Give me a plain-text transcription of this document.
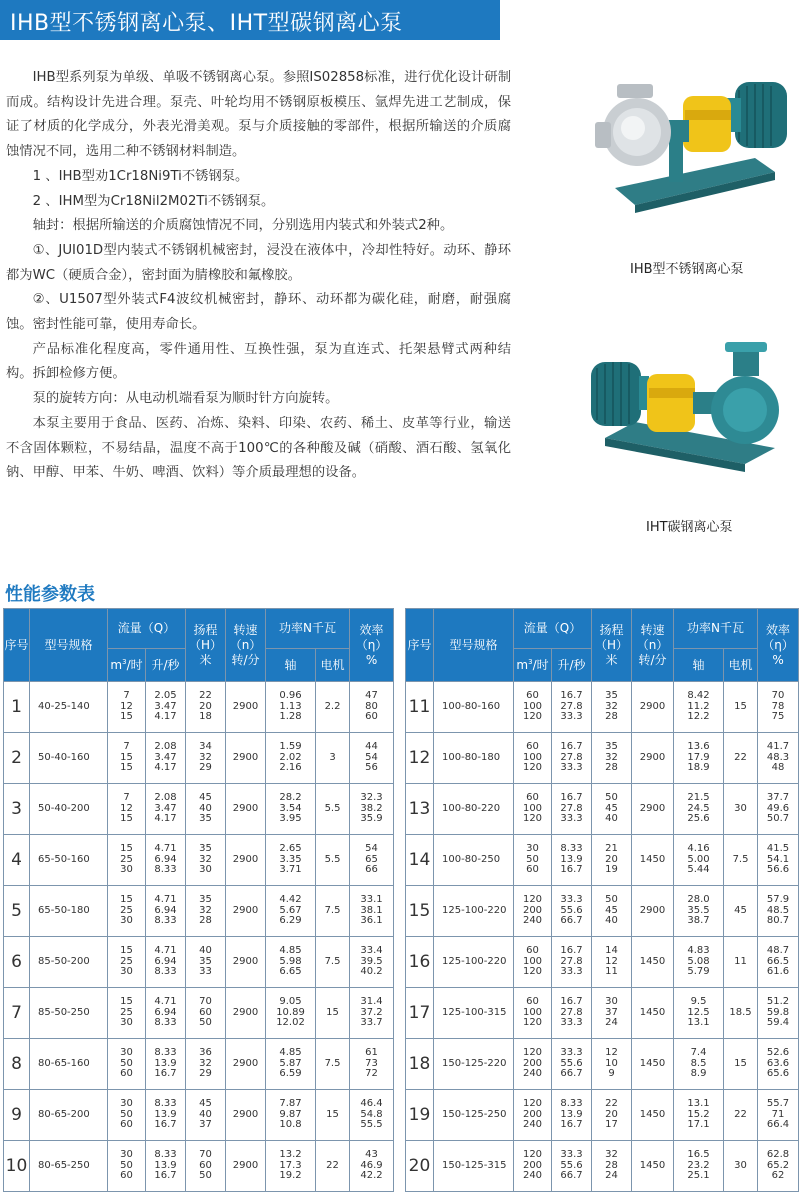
IHB型不锈钢离心泵、IHT型碳钢离心泵

IHB型系列泵为单级、单吸不锈钢离心泵。参照IS02858标准，进行优化设计研制而成。结构设计先进合理。泵壳、叶轮均用不锈钢原板模压、氩焊先进工艺制成，保证了材质的化学成分，外表光滑美观。泵与介质接触的零部件，根据所输送的介质腐蚀情况不同，选用二种不锈钢材料制造。

1 、IHB型劝1Cr18Ni9Ti不锈钢泵。

2 、IHM型为Cr18Nil2M02Ti不锈钢泵。

轴封：根据所输送的介质腐蚀情况不同，分别选用内装式和外装式2种。

①、JUI01D型内装式不锈钢机械密封，浸没在液体中，冷却性特好。动环、静环都为WC（硬质合金），密封面为腈橡胶和氟橡胶。

②、U1507型外装式F4波纹机械密封，静环、动环都为碳化硅，耐磨，耐强腐蚀。密封性能可靠，使用寿命长。

产品标准化程度高，零件通用性、互换性强，泵为直连式、托架悬臂式两种结构。拆卸检修方便。

泵的旋转方向：从电动机端看泵为顺时针方向旋转。

本泵主要用于食品、医药、冶炼、染料、印染、农药、稀土、皮革等行业，输送不含固体颗粒，不易结晶，温度不高于100℃的各种酸及碱（硝酸、酒石酸、氢氧化钠、甲醇、甲苯、牛奶、啤酒、饮料）等介质最理想的设备。

IHB型不锈钢离心泵
IHT碳钢离心泵
性能参数表
序号	型号规格	流量（Q）		扬程（H）
米	转速（n）
转/分	功率N千瓦		效率（η）
%

		$m^3/$时	升/秒			轴	电机	
1	40-25-140	7
12
15	2.05
3.47
4.17	22
20
18	2900	0.96
1.13
1.28	2.2	47
80
60

2	50-40-160	7
15
15	2.08
3.47
4.17	34
32
29	2900	1.59
2.02
2.16	3	44
54
56

3	50-40-200	7
12
15	2.08
3.47
4.17	45
40
35	2900	28.2
3.54
3.95	5.5	32.3
38.2
35.9

4	65-50-160	15
25
30	4.71
6.94
8.33	35
32
30	2900	2.65
3.35
3.71	5.5	54
65
66

5	65-50-180	15
25
30	4.71
6.94
8.33	35
32
28	2900	4.42
5.67
6.29	7.5	33.1
38.1
36.1

6	85-50-200	15
25
30	4.71
6.94
8.33	40
35
33	2900	4.85
5.98
6.65	7.5	33.4
39.5
40.2

7	85-50-250	15
25
30	4.71
6.94
8.33	70
60
50	2900	9.05
10.89
12.02	15	31.4
37.2
33.7

8	80-65-160	30
50
60	8.33
13.9
16.7	36
32
29	2900	4.85
5.87
6.59	7.5	61
73
72

9	80-65-200	30
50
60	8.33
13.9
16.7	45
40
37	2900	7.87
9.87
10.8	15	46.4
54.8
55.5

10	80-65-250	30
50
60	8.33
13.9
16.7	70
60
50	2900	13.2
17.3
19.2	22	43
46.9
42.2
序号	型号规格	流量（Q）		扬程（H）
米	转速（n）
转/分	功率N千瓦		效率（η）
%

		$m^3/$时	升/秒			轴	电机	
11	100-80-160	60
100
120	16.7
27.8
33.3	35
32
28	2900	8.42
11.2
12.2	15	70
78
75

12	100-80-180	60
100
120	16.7
27.8
33.3	35
32
28	2900	13.6
17.9
18.9	22	41.7
48.3
48

13	100-80-220	60
100
120	16.7
27.8
33.3	50
45
40	2900	21.5
24.5
25.6	30	37.7
49.6
50.7

14	100-80-250	30
50
60	8.33
13.9
16.7	21
20
19	1450	4.16
5.00
5.44	7.5	41.5
54.1
56.6

15	125-100-220	120
200
240	33.3
55.6
66.7	50
45
40	2900	28.0
35.5
38.7	45	57.9
48.5
80.7

16	125-100-220	60
100
120	16.7
27.8
33.3	14
12
11	1450	4.83
5.08
5.79	11	48.7
66.5
61.6

17	125-100-315	60
100
120	16.7
27.8
33.3	30
37
24	1450	9.5
12.5
13.1	18.5	51.2
59.8
59.4

18	150-125-220	120
200
240	33.3
55.6
66.7	12
10
9	1450	7.4
8.5
8.9	15	52.6
63.6
65.6

19	150-125-250	120
200
240	8.33
13.9
16.7	22
20
17	1450	13.1
15.2
17.1	22	55.7
71
66.4

20	150-125-315	120
200
240	33.3
55.6
66.7	32
28
24	1450	16.5
23.2
25.1	30	62.8
65.2
62
